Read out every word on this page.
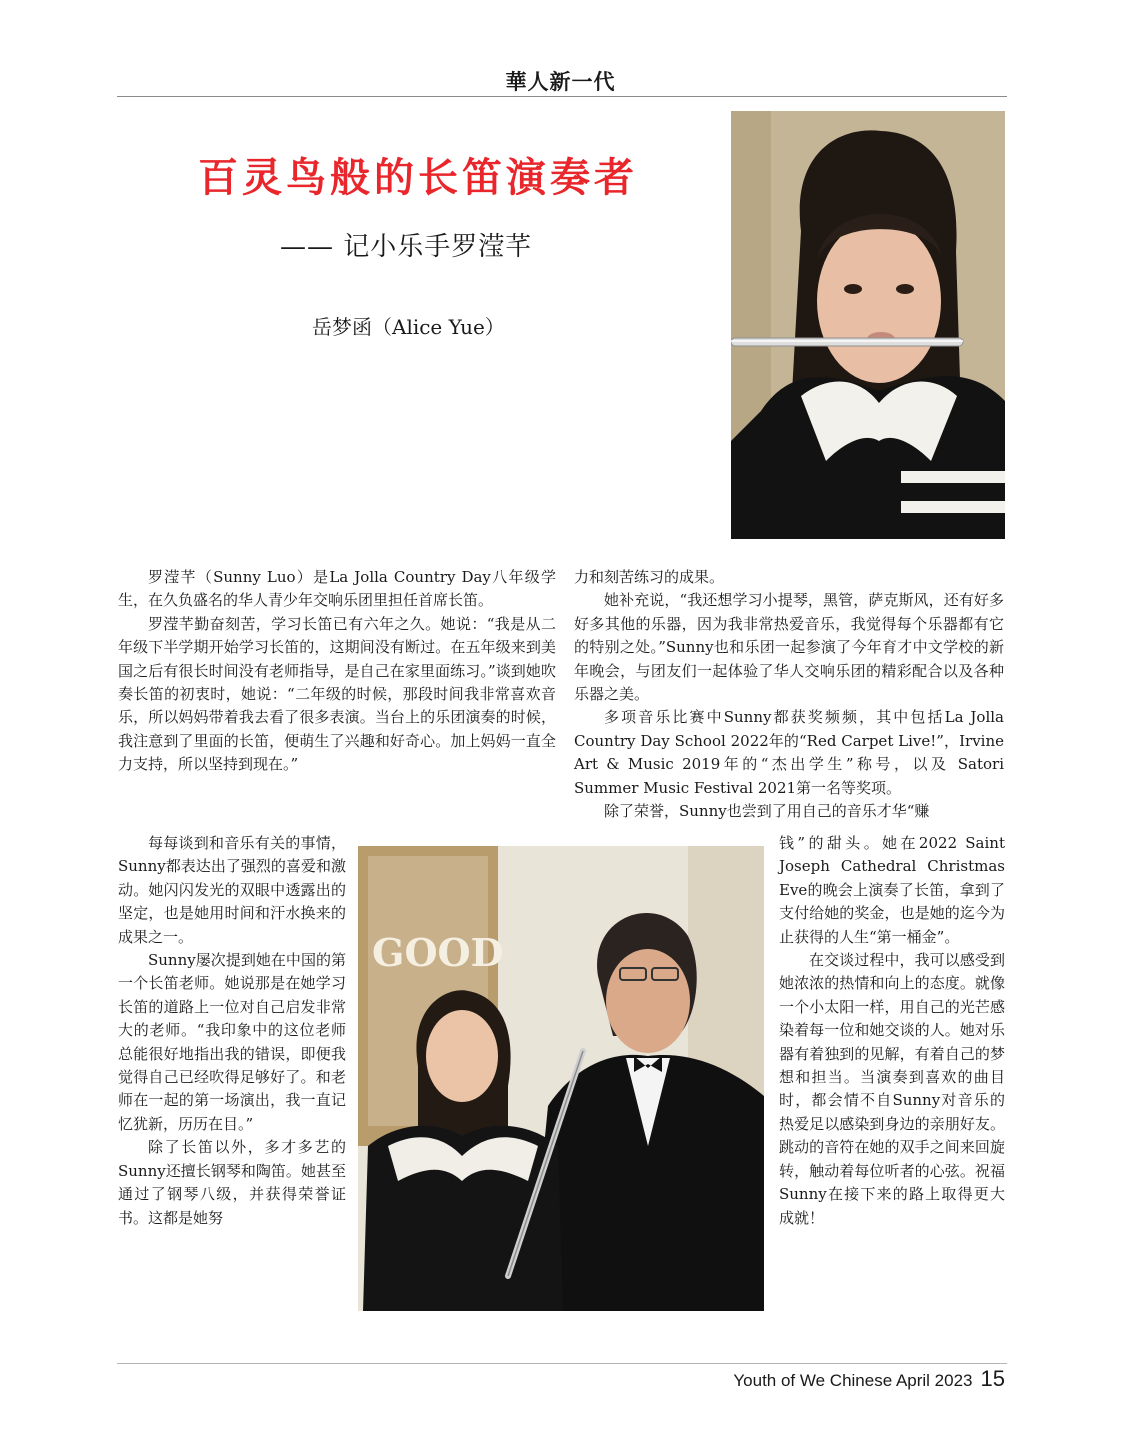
華人新一代
百灵鸟般的长笛演奏者
—— 记小乐手罗滢芊
岳梦函（Alice Yue）

罗滢芊（Sunny Luo）是La Jolla Country Day八年级学生，在久负盛名的华人青少年交响乐团里担任首席长笛。

罗滢芊勤奋刻苦，学习长笛已有六年之久。她说：“我是从二年级下半学期开始学习长笛的，这期间没有断过。在五年级来到美国之后有很长时间没有老师指导，是自己在家里面练习。”谈到她吹奏长笛的初衷时，她说：“二年级的时候，那段时间我非常喜欢音乐，所以妈妈带着我去看了很多表演。当台上的乐团演奏的时候，我注意到了里面的长笛，便萌生了兴趣和好奇心。加上妈妈一直全力支持，所以坚持到现在。”

力和刻苦练习的成果。

她补充说，“我还想学习小提琴，黑管，萨克斯风，还有好多好多其他的乐器，因为我非常热爱音乐，我觉得每个乐器都有它的特别之处。”Sunny也和乐团一起参演了今年育才中文学校的新年晚会，与团友们一起体验了华人交响乐团的精彩配合以及各种乐器之美。

多项音乐比赛中Sunny都获奖频频，其中包括La Jolla Country Day School 2022年的“Red Carpet Live!”，Irvine Art & Music 2019年的“杰出学生”称号，以及 Satori Summer Music Festival 2021第一名等奖项。

除了荣誉，Sunny也尝到了用自己的音乐才华“赚

GOOD

每每谈到和音乐有关的事情，Sunny都表达出了强烈的喜爱和激动。她闪闪发光的双眼中透露出的坚定，也是她用时间和汗水换来的成果之一。

Sunny屡次提到她在中国的第一个长笛老师。她说那是在她学习长笛的道路上一位对自己启发非常大的老师。“我印象中的这位老师总能很好地指出我的错误，即便我觉得自己已经吹得足够好了。和老师在一起的第一场演出，我一直记忆犹新，历历在目。”

除了长笛以外，多才多艺的Sunny还擅长钢琴和陶笛。她甚至通过了钢琴八级，并获得荣誉证书。这都是她努

钱”的甜头。她在2022 Saint Joseph Cathedral Christmas Eve的晚会上演奏了长笛，拿到了支付给她的奖金，也是她的迄今为止获得的人生“第一桶金”。

在交谈过程中，我可以感受到她浓浓的热情和向上的态度。就像一个小太阳一样，用自己的光芒感染着每一位和她交谈的人。她对乐器有着独到的见解，有着自己的梦想和担当。当演奏到喜欢的曲目时，都会情不自Sunny对音乐的热爱足以感染到身边的亲朋好友。跳动的音符在她的双手之间来回旋转，触动着每位听者的心弦。祝福Sunny在接下来的路上取得更大成就！

Youth of We Chinese April 2023 15
